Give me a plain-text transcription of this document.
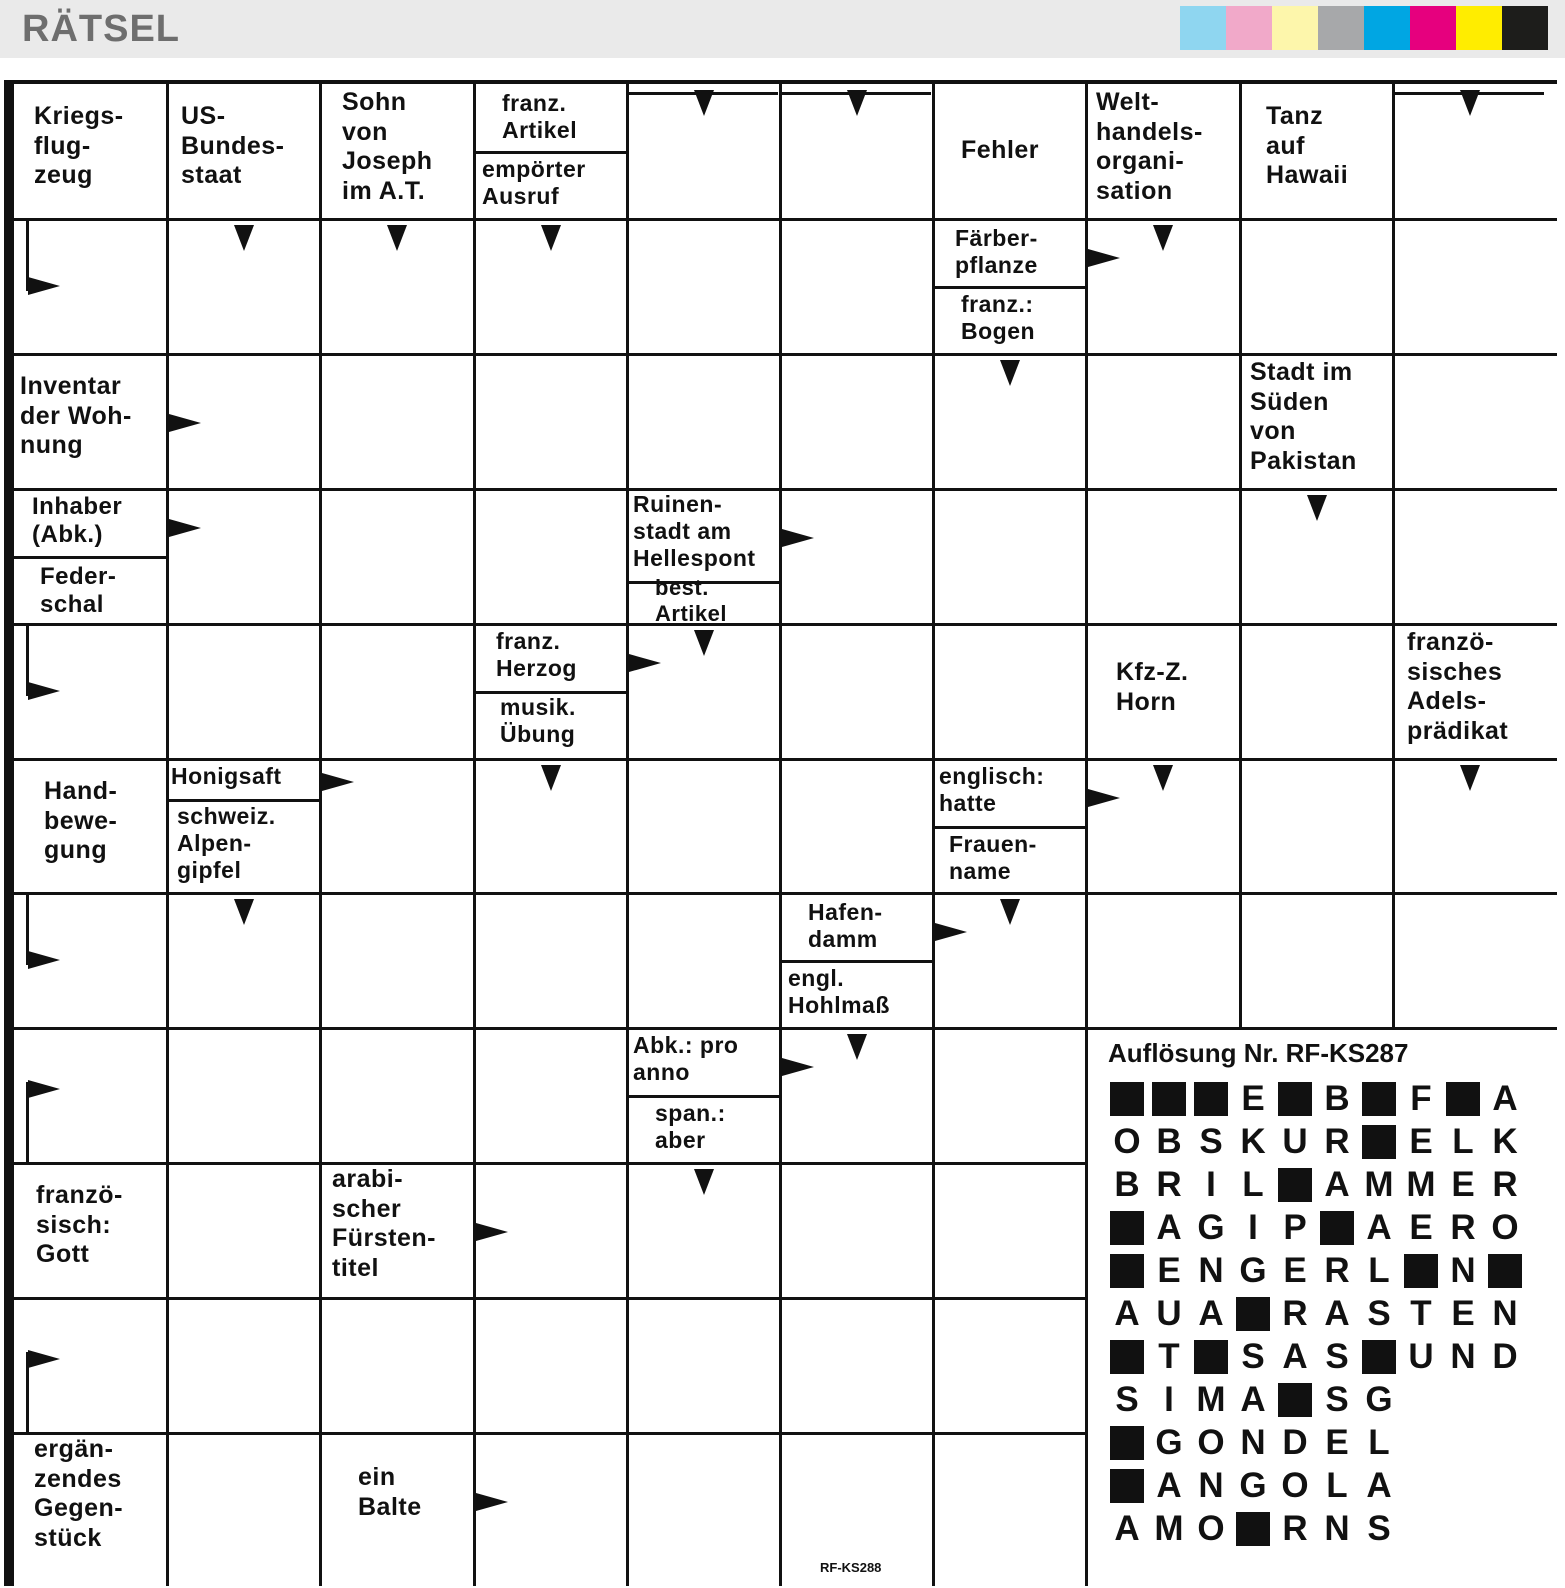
RÄTSEL
Kriegs-
flug-
zeug
US-
Bundes-
staat
Sohn
von
Joseph
im A.T.
franz.
Artikel
empörter
Ausruf
Fehler
Welt-
handels-
organi-
sation
Tanz
auf
Hawaii
Färber-
pflanze
franz.:
Bogen
Inventar
der Woh-
nung
Stadt im
Süden
von
Pakistan
Inhaber
(Abk.)
Feder-
schal
Ruinen-
stadt am
Hellespont
best.
Artikel
franz.
Herzog
musik.
Übung
Kfz-Z.
Horn
franzö-
sisches
Adels-
prädikat
Hand-
bewe-
gung
Honigsaft
schweiz.
Alpen-
gipfel
englisch:
hatte
Frauen-
name
Hafen-
damm
engl.
Hohlmaß
Abk.: pro
anno
span.:
aber
franzö-
sisch:
Gott
arabi-
scher
Fürsten-
titel
ergän-
zendes
Gegen-
stück
ein
Balte
Auflösung Nr. RF-KS287
E B F A
O B S K U R E L K
B R I L A M M E R
A G I P A E R O
E N G E R L N
A U A R A S T E N
T S A S U N D
S I M A S G
G O N D E L
A N G O L A
A M O R N S
RF-KS288
